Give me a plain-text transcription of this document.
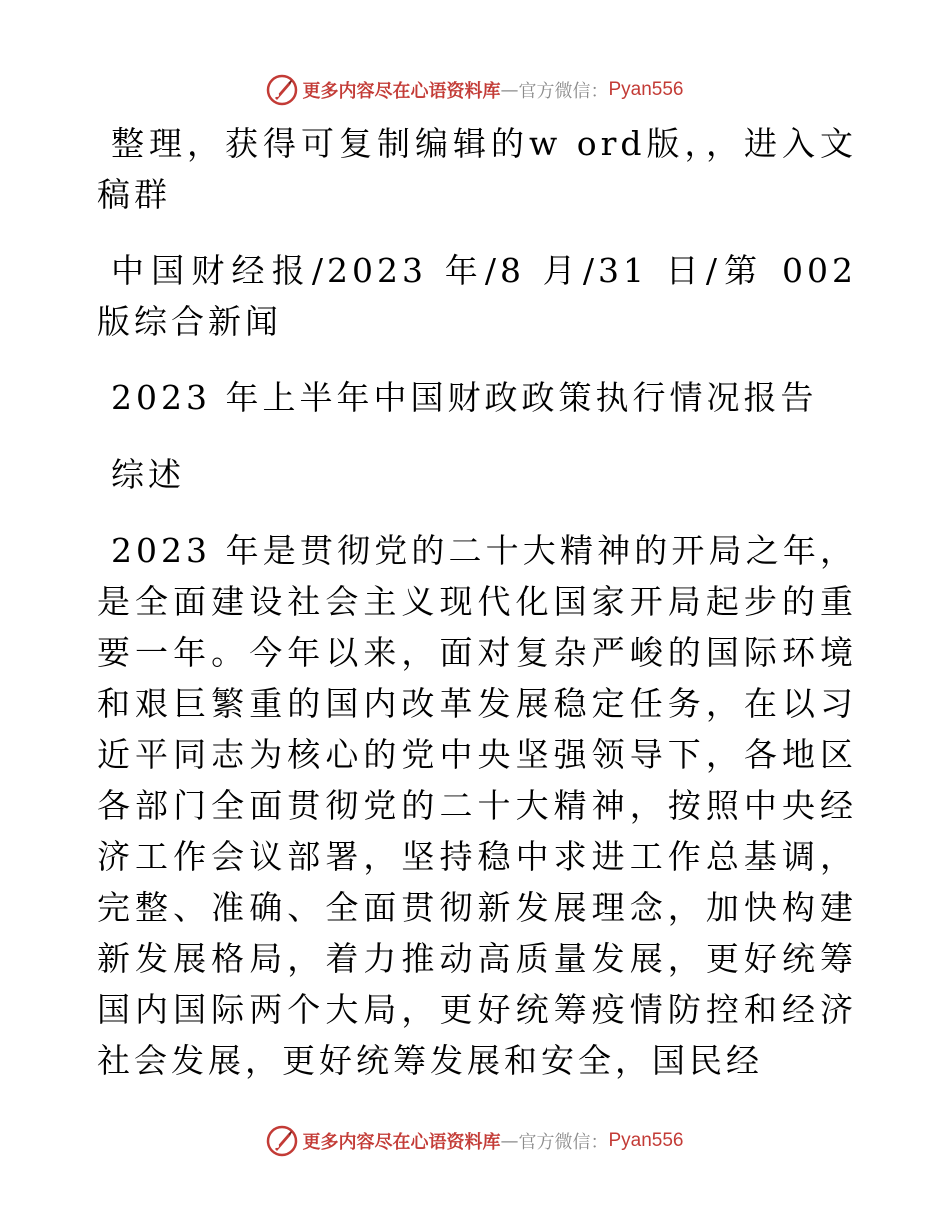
更多内容尽在心语资料库 — 官方微信： Pyan556

整理，获得可复制编辑的w ord版，，进入文稿群

中国财经报/2023 年/8 月/31 日/第 002 版综合新闻

2023 年上半年中国财政政策执行情况报告

综述

2023 年是贯彻党的二十大精神的开局之年， 是全面建设社会主义现代化国家开局起步的重要一年。今年以来，面对复杂严峻的国际环境和艰巨繁重的国内改革发展稳定任务，在以习近平同志为核心的党中央坚强领导下，各地区各部门全面贯彻党的二十大精神，按照中央经济工作会议部署，坚持稳中求进工作总基调，完整、准确、全面贯彻新发展理念，加快构建新发展格局，着力推动高质量发展，更好统筹国内国际两个大局，更好统筹疫情防控和经济社会发展，更好统筹发展和安全，国民经

更多内容尽在心语资料库 — 官方微信： Pyan556
